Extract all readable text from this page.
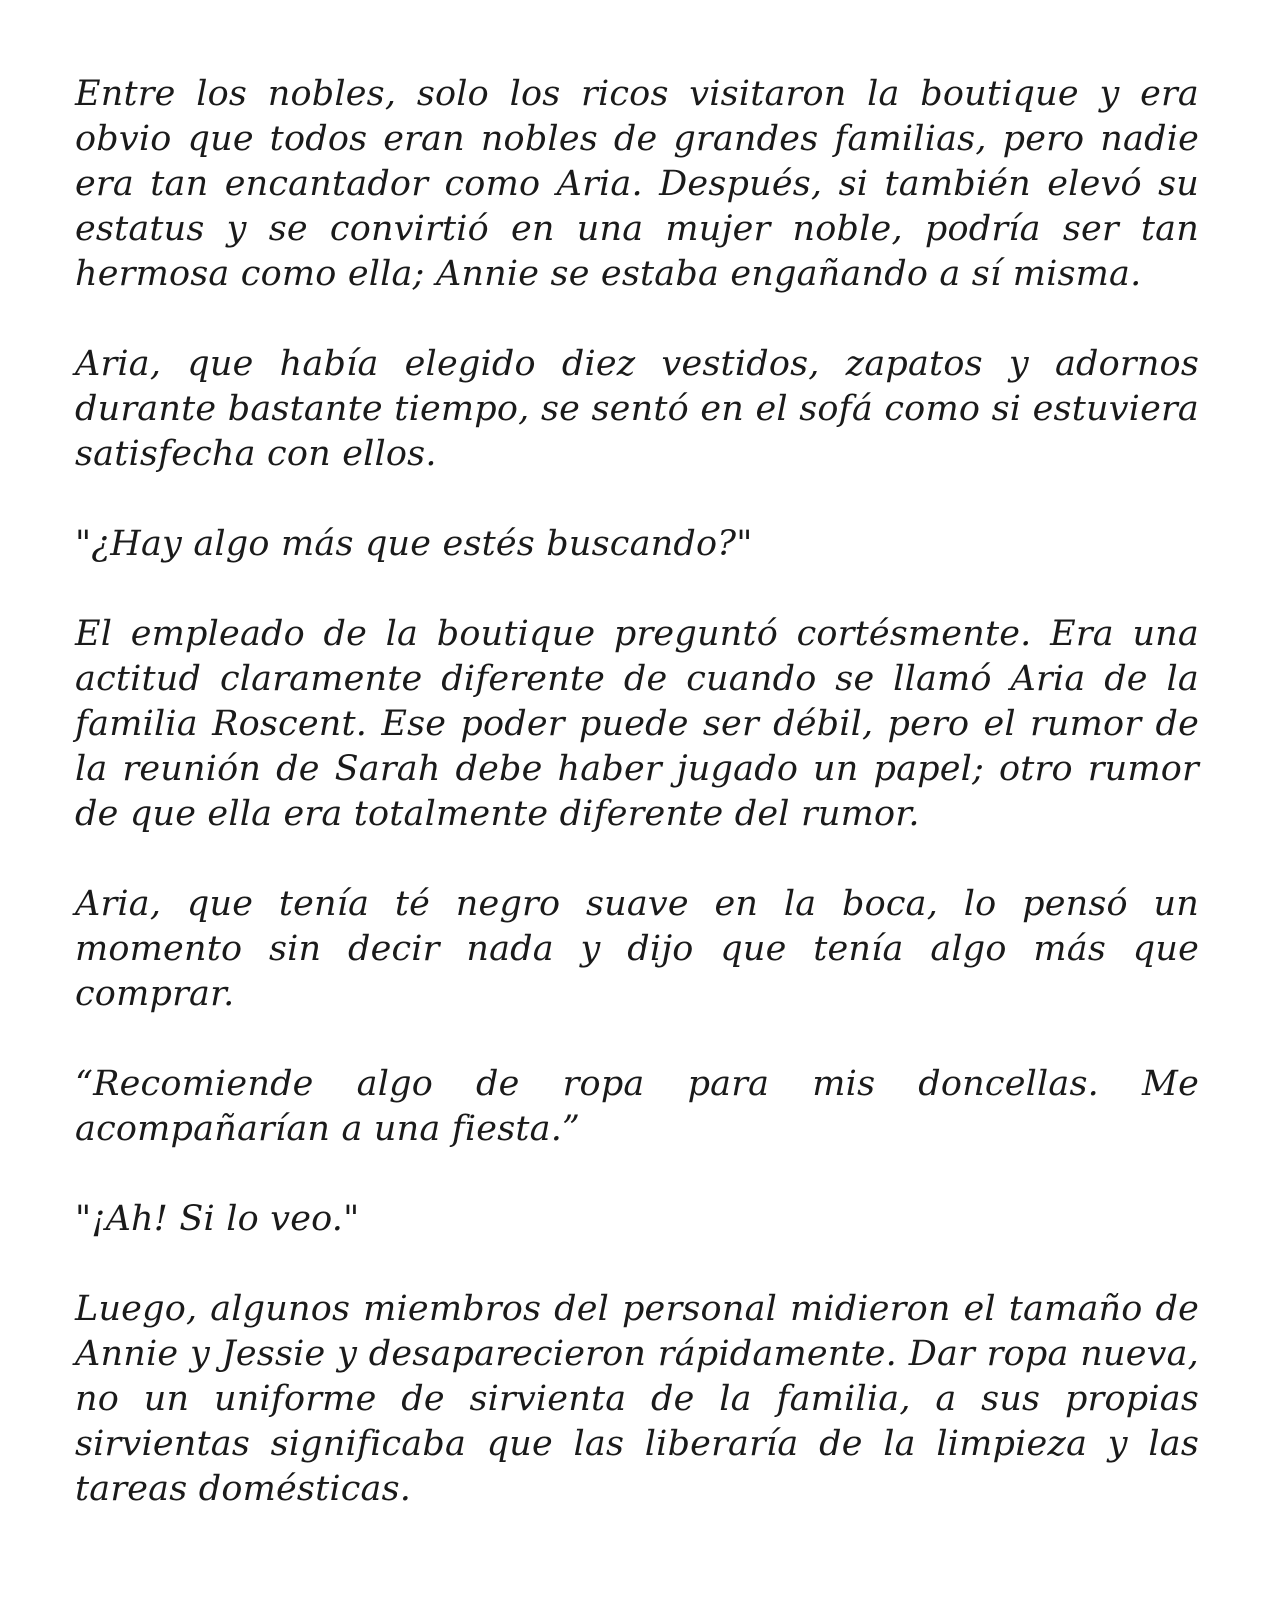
Entre los nobles, solo los ricos visitaron la boutique y era obvio que todos eran nobles de grandes familias, pero nadie era tan encantador como Aria. Después, si también elevó su estatus y se convirtió en una mujer noble, podría ser tan hermosa como ella; Annie se estaba engañando a sí misma.

Aria, que había elegido diez vestidos, zapatos y adornos durante bastante tiempo, se sentó en el sofá como si estuviera satisfecha con ellos.

"¿Hay algo más que estés buscando?"

El empleado de la boutique preguntó cortésmente. Era una actitud claramente diferente de cuando se llamó Aria de la familia Roscent. Ese poder puede ser débil, pero el rumor de la reunión de Sarah debe haber jugado un papel; otro rumor de que ella era totalmente diferente del rumor.

Aria, que tenía té negro suave en la boca, lo pensó un momento sin decir nada y dijo que tenía algo más que comprar.

“Recomiende algo de ropa para mis doncellas. Me acompañarían a una fiesta.”

"¡Ah! Si lo veo."

Luego, algunos miembros del personal midieron el tamaño de Annie y Jessie y desaparecieron rápidamente. Dar ropa nueva, no un uniforme de sirvienta de la familia, a sus propias sirvientas significaba que las liberaría de la limpieza y las tareas domésticas.
